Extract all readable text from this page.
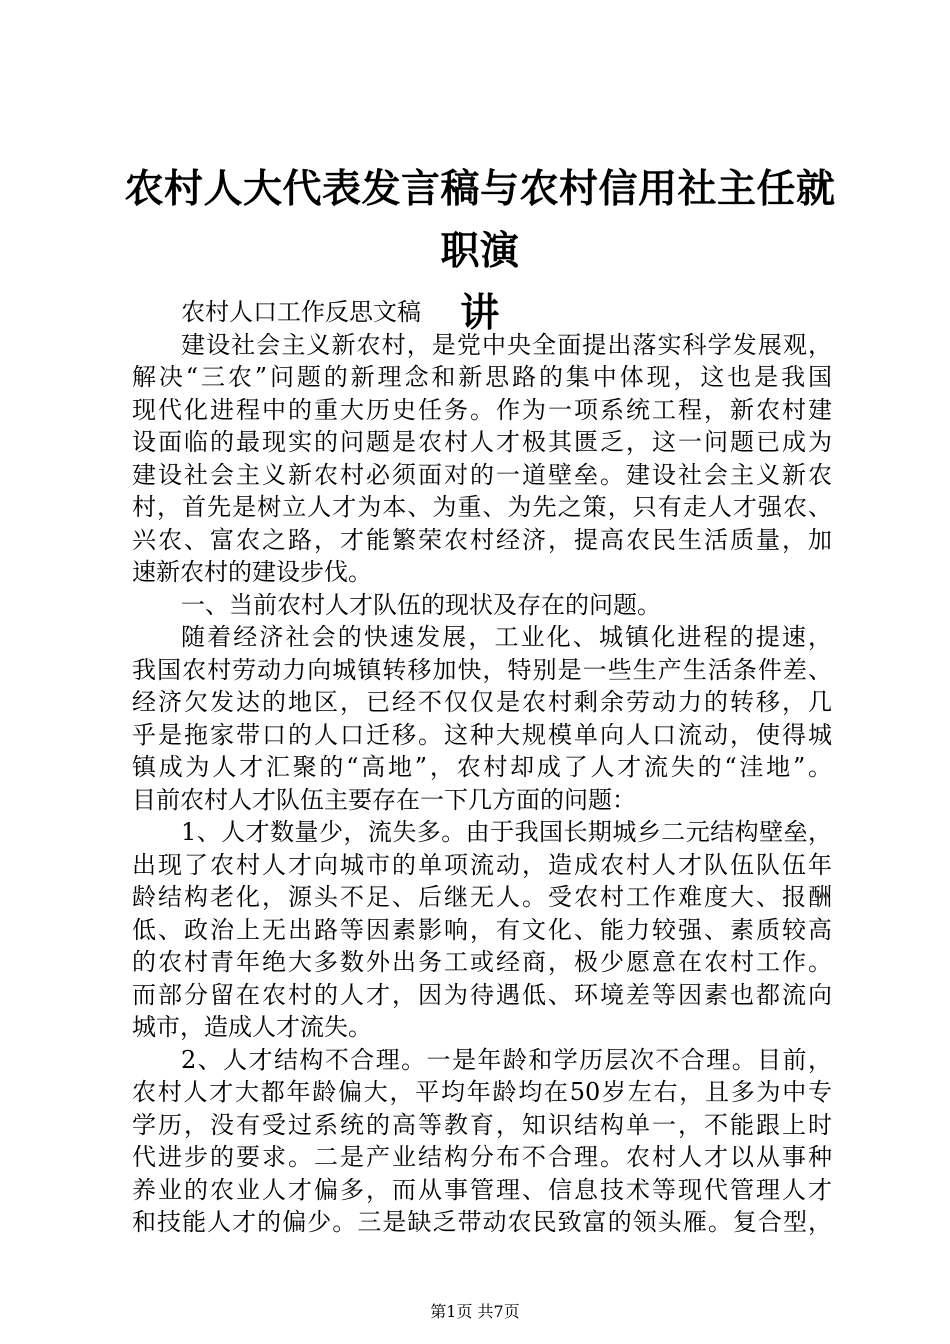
农村人大代表发言稿与农村信用社主任就职演
讲
农村人口工作反思文稿
建设社会主义新农村，是党中央全面提出落实科学发展观，
解决“三农”问题的新理念和新思路的集中体现，这也是我国
现代化进程中的重大历史任务。作为一项系统工程，新农村建
设面临的最现实的问题是农村人才极其匮乏，这一问题已成为
建设社会主义新农村必须面对的一道壁垒。建设社会主义新农
村，首先是树立人才为本、为重、为先之策，只有走人才强农、
兴农、富农之路，才能繁荣农村经济，提高农民生活质量，加
速新农村的建设步伐。
一、当前农村人才队伍的现状及存在的问题。
随着经济社会的快速发展，工业化、城镇化进程的提速，
我国农村劳动力向城镇转移加快，特别是一些生产生活条件差、
经济欠发达的地区，已经不仅仅是农村剩余劳动力的转移，几
乎是拖家带口的人口迁移。这种大规模单向人口流动，使得城
镇成为人才汇聚的“高地”，农村却成了人才流失的“洼地”。
目前农村人才队伍主要存在一下几方面的问题：
1、人才数量少，流失多。由于我国长期城乡二元结构壁垒，
出现了农村人才向城市的单项流动，造成农村人才队伍队伍年
龄结构老化，源头不足、后继无人。受农村工作难度大、报酬
低、政治上无出路等因素影响，有文化、能力较强、素质较高
的农村青年绝大多数外出务工或经商，极少愿意在农村工作。
而部分留在农村的人才，因为待遇低、环境差等因素也都流向
城市，造成人才流失。
2、人才结构不合理。一是年龄和学历层次不合理。目前，
农村人才大都年龄偏大，平均年龄均在50岁左右，且多为中专
学历，没有受过系统的高等教育，知识结构单一，不能跟上时
代进步的要求。二是产业结构分布不合理。农村人才以从事种
养业的农业人才偏多，而从事管理、信息技术等现代管理人才
和技能人才的偏少。三是缺乏带动农民致富的领头雁。复合型，
第1页 共7页
